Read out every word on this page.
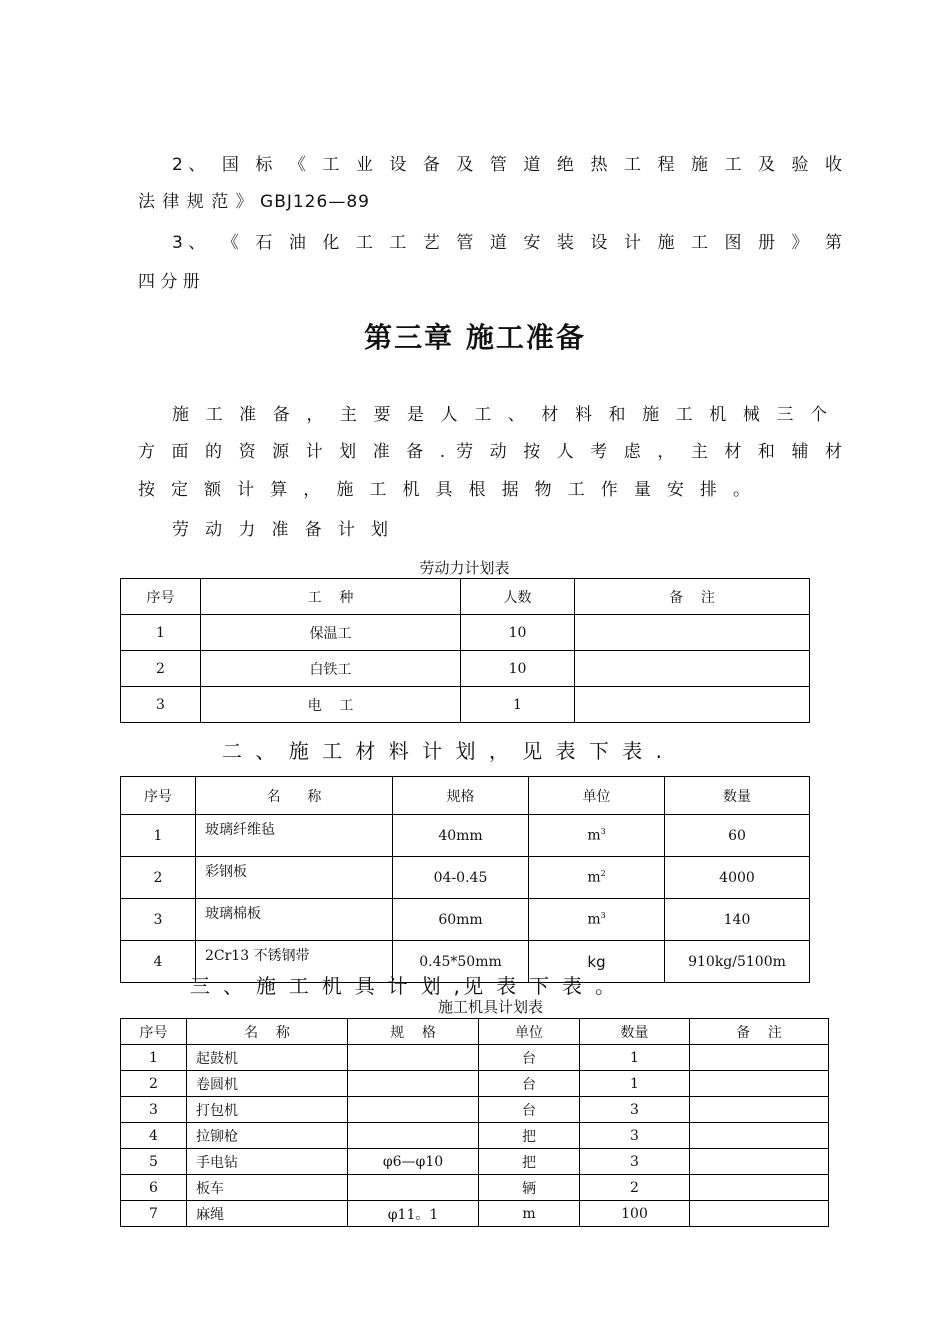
2、 国 标 《 工 业 设 备 及 管 道 绝 热 工 程 施 工 及 验 收
法 律 规 范 》 GBJ126—89
3、 《 石 油 化 工 工 艺 管 道 安 装 设 计 施 工 图 册 》 第
四 分 册
第三章 施工准备
施 工 准 备 ， 主 要 是 人 工 、 材 料 和 施 工 机 械 三 个
方 面 的 资 源 计 划 准 备 . 劳 动 按 人 考 虑 ， 主 材 和 辅 材
按 定 额 计 算 ， 施 工 机 具 根 据 物 工 作 量 安 排 。
劳 动 力 准 备 计 划
劳动力计划表
序号	工    种	人数	备    注
1	保温工	10	
2	白铁工	10	
3	电    工	1	
二 、 施 工 材 料 计 划 ， 见 表 下 表 .
序号	名      称	规格	单位	数量
1	玻璃纤维毡	40mm	$m^3$	60
2	彩钢板	04-0.45	$m^2$	4000
3	玻璃棉板	60mm	$m^3$	140
4	2Cr13 不锈钢带	0.45*50mm	kg	910kg/5100m
三 、 施 工 机 具 计 划 ,见 表 下 表 。
施工机具计划表
序号	名    称	规    格	单位	数量	备    注
1	起鼓机		台	1	
2	卷圆机		台	1	
3	打包机		台	3	
4	拉铆枪		把	3	
5	手电钻	φ6—φ10	把	3	
6	板车		辆	2	
7	麻绳	φ11。1	m	100	
